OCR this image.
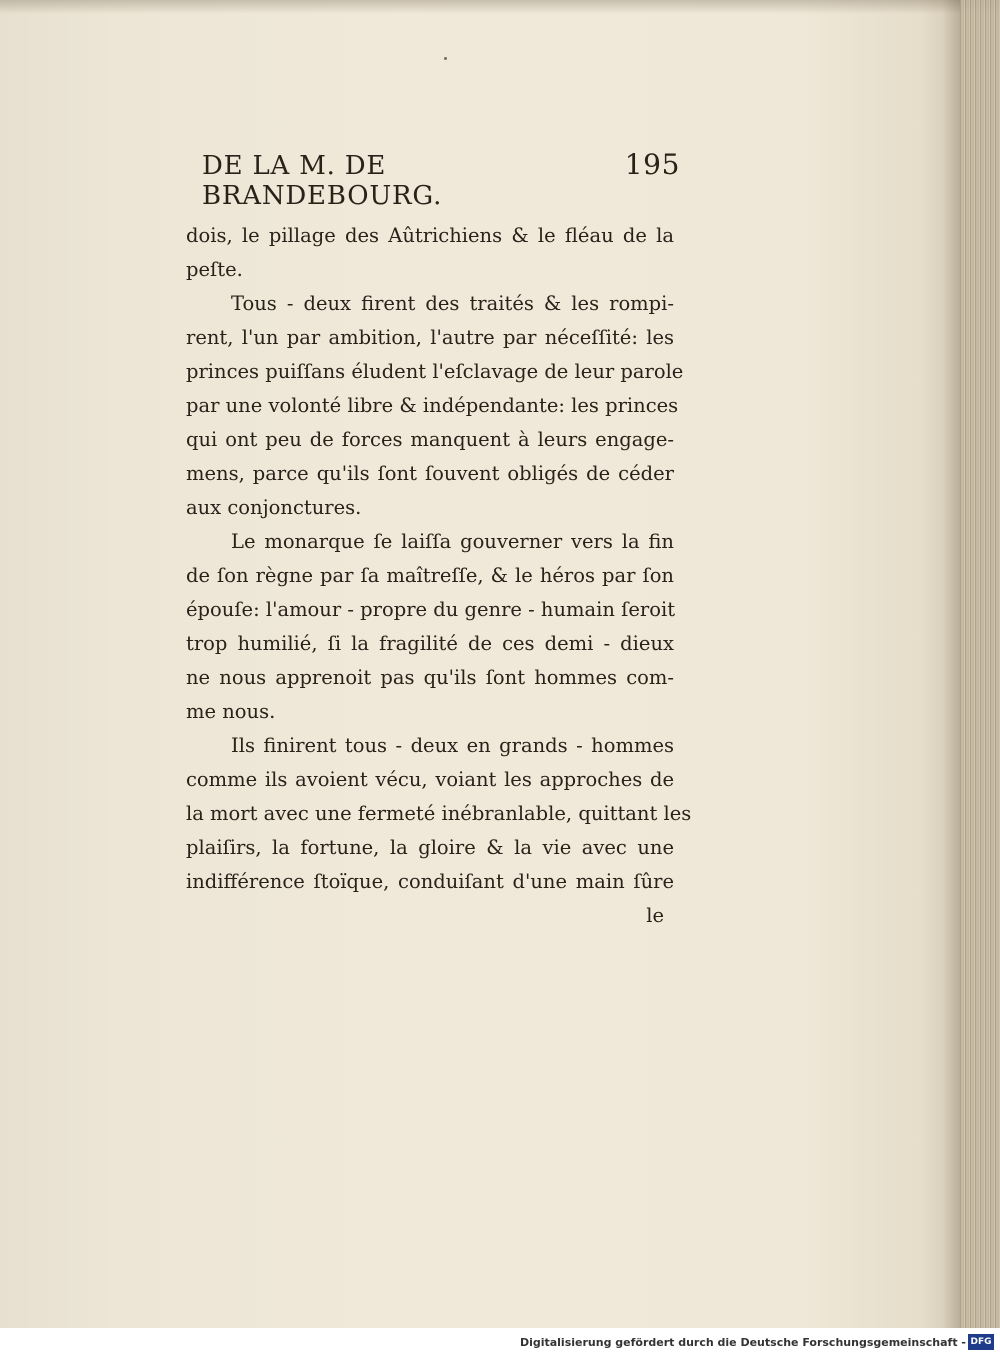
DE LA M. DE BRANDEBOURG.
195
dois, le pillage des Aûtrichiens & le fléau de la
peſte.
Tous - deux firent des traités & les rompi-
rent, l'un par ambition, l'autre par néceſſité: les
princes puiſſans éludent l'eſclavage de leur parole
par une volonté libre & indépendante: les princes
qui ont peu de forces manquent à leurs engage-
mens, parce qu'ils ſont ſouvent obligés de céder
aux conjonctures.
Le monarque ſe laiſſa gouverner vers la fin
de ſon règne par ſa maîtreſſe, & le héros par ſon
épouſe: l'amour - propre du genre - humain ſeroit
trop humilié, ſi la fragilité de ces demi - dieux
ne nous apprenoit pas qu'ils ſont hommes com-
me nous.
Ils finirent tous - deux en grands - hommes
comme ils avoient vécu, voiant les approches de
la mort avec une fermeté inébranlable, quittant les
plaiſirs, la fortune, la gloire & la vie avec une
indifférence ſtoïque, conduiſant d'une main ſûre
le
Digitalisierung gefördert durch die Deutsche Forschungsgemeinschaft - DFG
